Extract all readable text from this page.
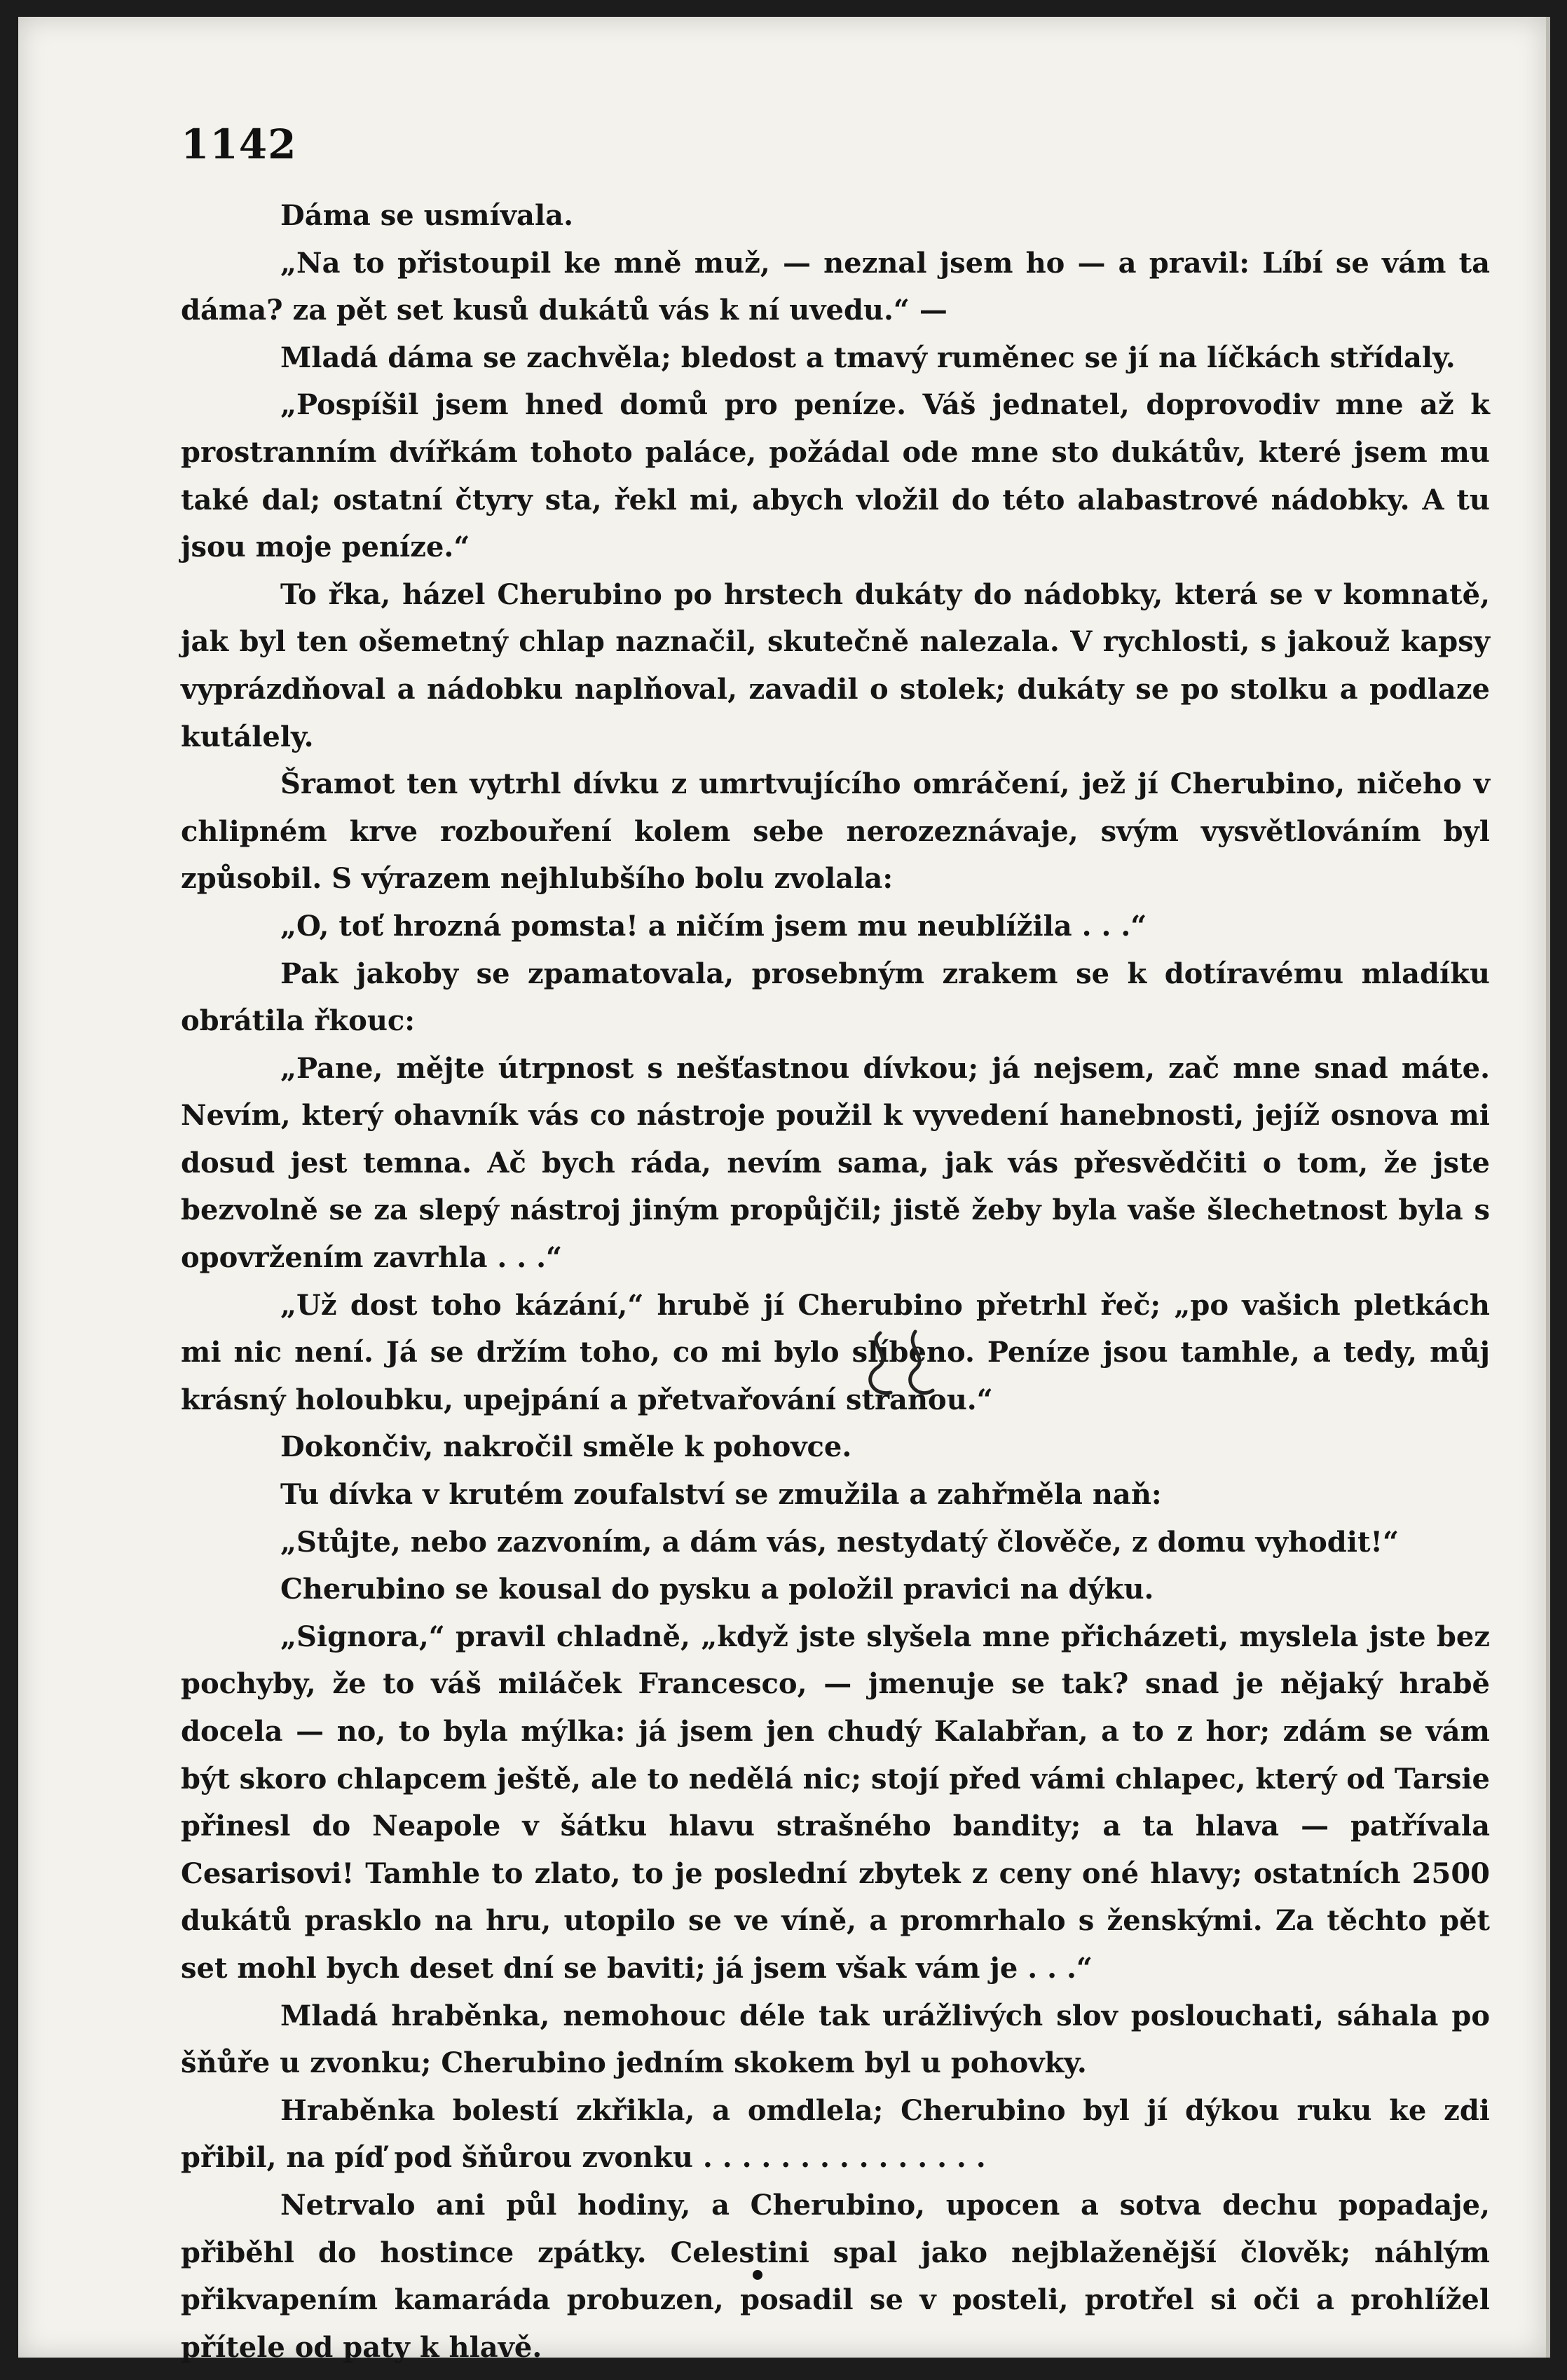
1142

Dáma se usmívala.

„Na to přistoupil ke mně muž, — neznal jsem ho — a pravil: Líbí se vám ta dáma? za pět set kusů dukátů vás k ní uvedu.“ —

Mladá dáma se zachvěla; bledost a tmavý ruměnec se jí na líčkách střídaly.

„Pospíšil jsem hned domů pro peníze. Váš jednatel, doprovodiv mne až k prostranním dvířkám tohoto paláce, požádal ode mne sto dukátův, které jsem mu také dal; ostatní čtyry sta, řekl mi, abych vložil do této alabastrové nádobky. A tu jsou moje peníze.“

To řka, házel Cherubino po hrstech dukáty do nádobky, která se v komnatě, jak byl ten ošemetný chlap naznačil, skutečně nalezala. V rychlosti, s jakouž kapsy vyprázdňoval a nádobku naplňoval, zavadil o stolek; dukáty se po stolku a podlaze kutálely.

Šramot ten vytrhl dívku z umrtvujícího omráčení, jež jí Cherubino, ničeho v chlipném krve rozbouření kolem sebe nerozeznávaje, svým vysvětlováním byl způsobil. S výrazem nejhlubšího bolu zvolala:

„O, toť hrozná pomsta! a ničím jsem mu neublížila . . .“

Pak jakoby se zpamatovala, prosebným zrakem se k dotíravému mladíku obrátila řkouc:

„Pane, mějte útrpnost s nešťastnou dívkou; já nejsem, zač mne snad máte. Nevím, který ohavník vás co nástroje použil k vyvedení hanebnosti, jejíž osnova mi dosud jest temna. Ač bych ráda, nevím sama, jak vás přesvědčiti o tom, že jste bezvolně se za slepý nástroj jiným propůjčil; jistě žeby byla vaše šlechetnost byla s opovržením zavrhla . . .“

„Už dost toho kázání,“ hrubě jí Cherubino přetrhl řeč; „po vašich pletkách mi nic není. Já se držím toho, co mi bylo slíbeno. Peníze jsou tamhle, a tedy, můj krásný holoubku, upejpání a přetvařování stranou.“

Dokončiv, nakročil směle k pohovce.

Tu dívka v krutém zoufalství se zmužila a zahřměla naň:

„Stůjte, nebo zazvoním, a dám vás, nestydatý člověče, z domu vyhodit!“

Cherubino se kousal do pysku a položil pravici na dýku.

„Signora,“ pravil chladně, „když jste slyšela mne přicházeti, myslela jste bez pochyby, že to váš miláček Francesco, — jmenuje se tak? snad je nějaký hrabě docela — no, to byla mýlka: já jsem jen chudý Kalabřan, a to z hor; zdám se vám být skoro chlapcem ještě, ale to nedělá nic; stojí před vámi chlapec, který od Tarsie přinesl do Neapole v šátku hlavu strašného bandity; a ta hlava — patřívala Cesarisovi! Tamhle to zlato, to je poslední zbytek z ceny oné hlavy; ostatních 2500 dukátů prasklo na hru, utopilo se ve víně, a promrhalo s ženskými. Za těchto pět set mohl bych deset dní se baviti; já jsem však vám je . . .“

Mladá hraběnka, nemohouc déle tak urážlivých slov poslouchati, sáhala po šňůře u zvonku; Cherubino jedním skokem byl u pohovky.

Hraběnka bolestí zkřikla, a omdlela; Cherubino byl jí dýkou ruku ke zdi přibil, na píď pod šňůrou zvonku . . . . . . . . . . . . . . .

Netrvalo ani půl hodiny, a Cherubino, upocen a sotva dechu popadaje, přiběhl do hostince zpátky. Celestini spal jako nejblaženější člověk; náhlým přikvapením kamaráda probuzen, posadil se v posteli, protřel si oči a prohlížel přítele od paty k hlavě.
